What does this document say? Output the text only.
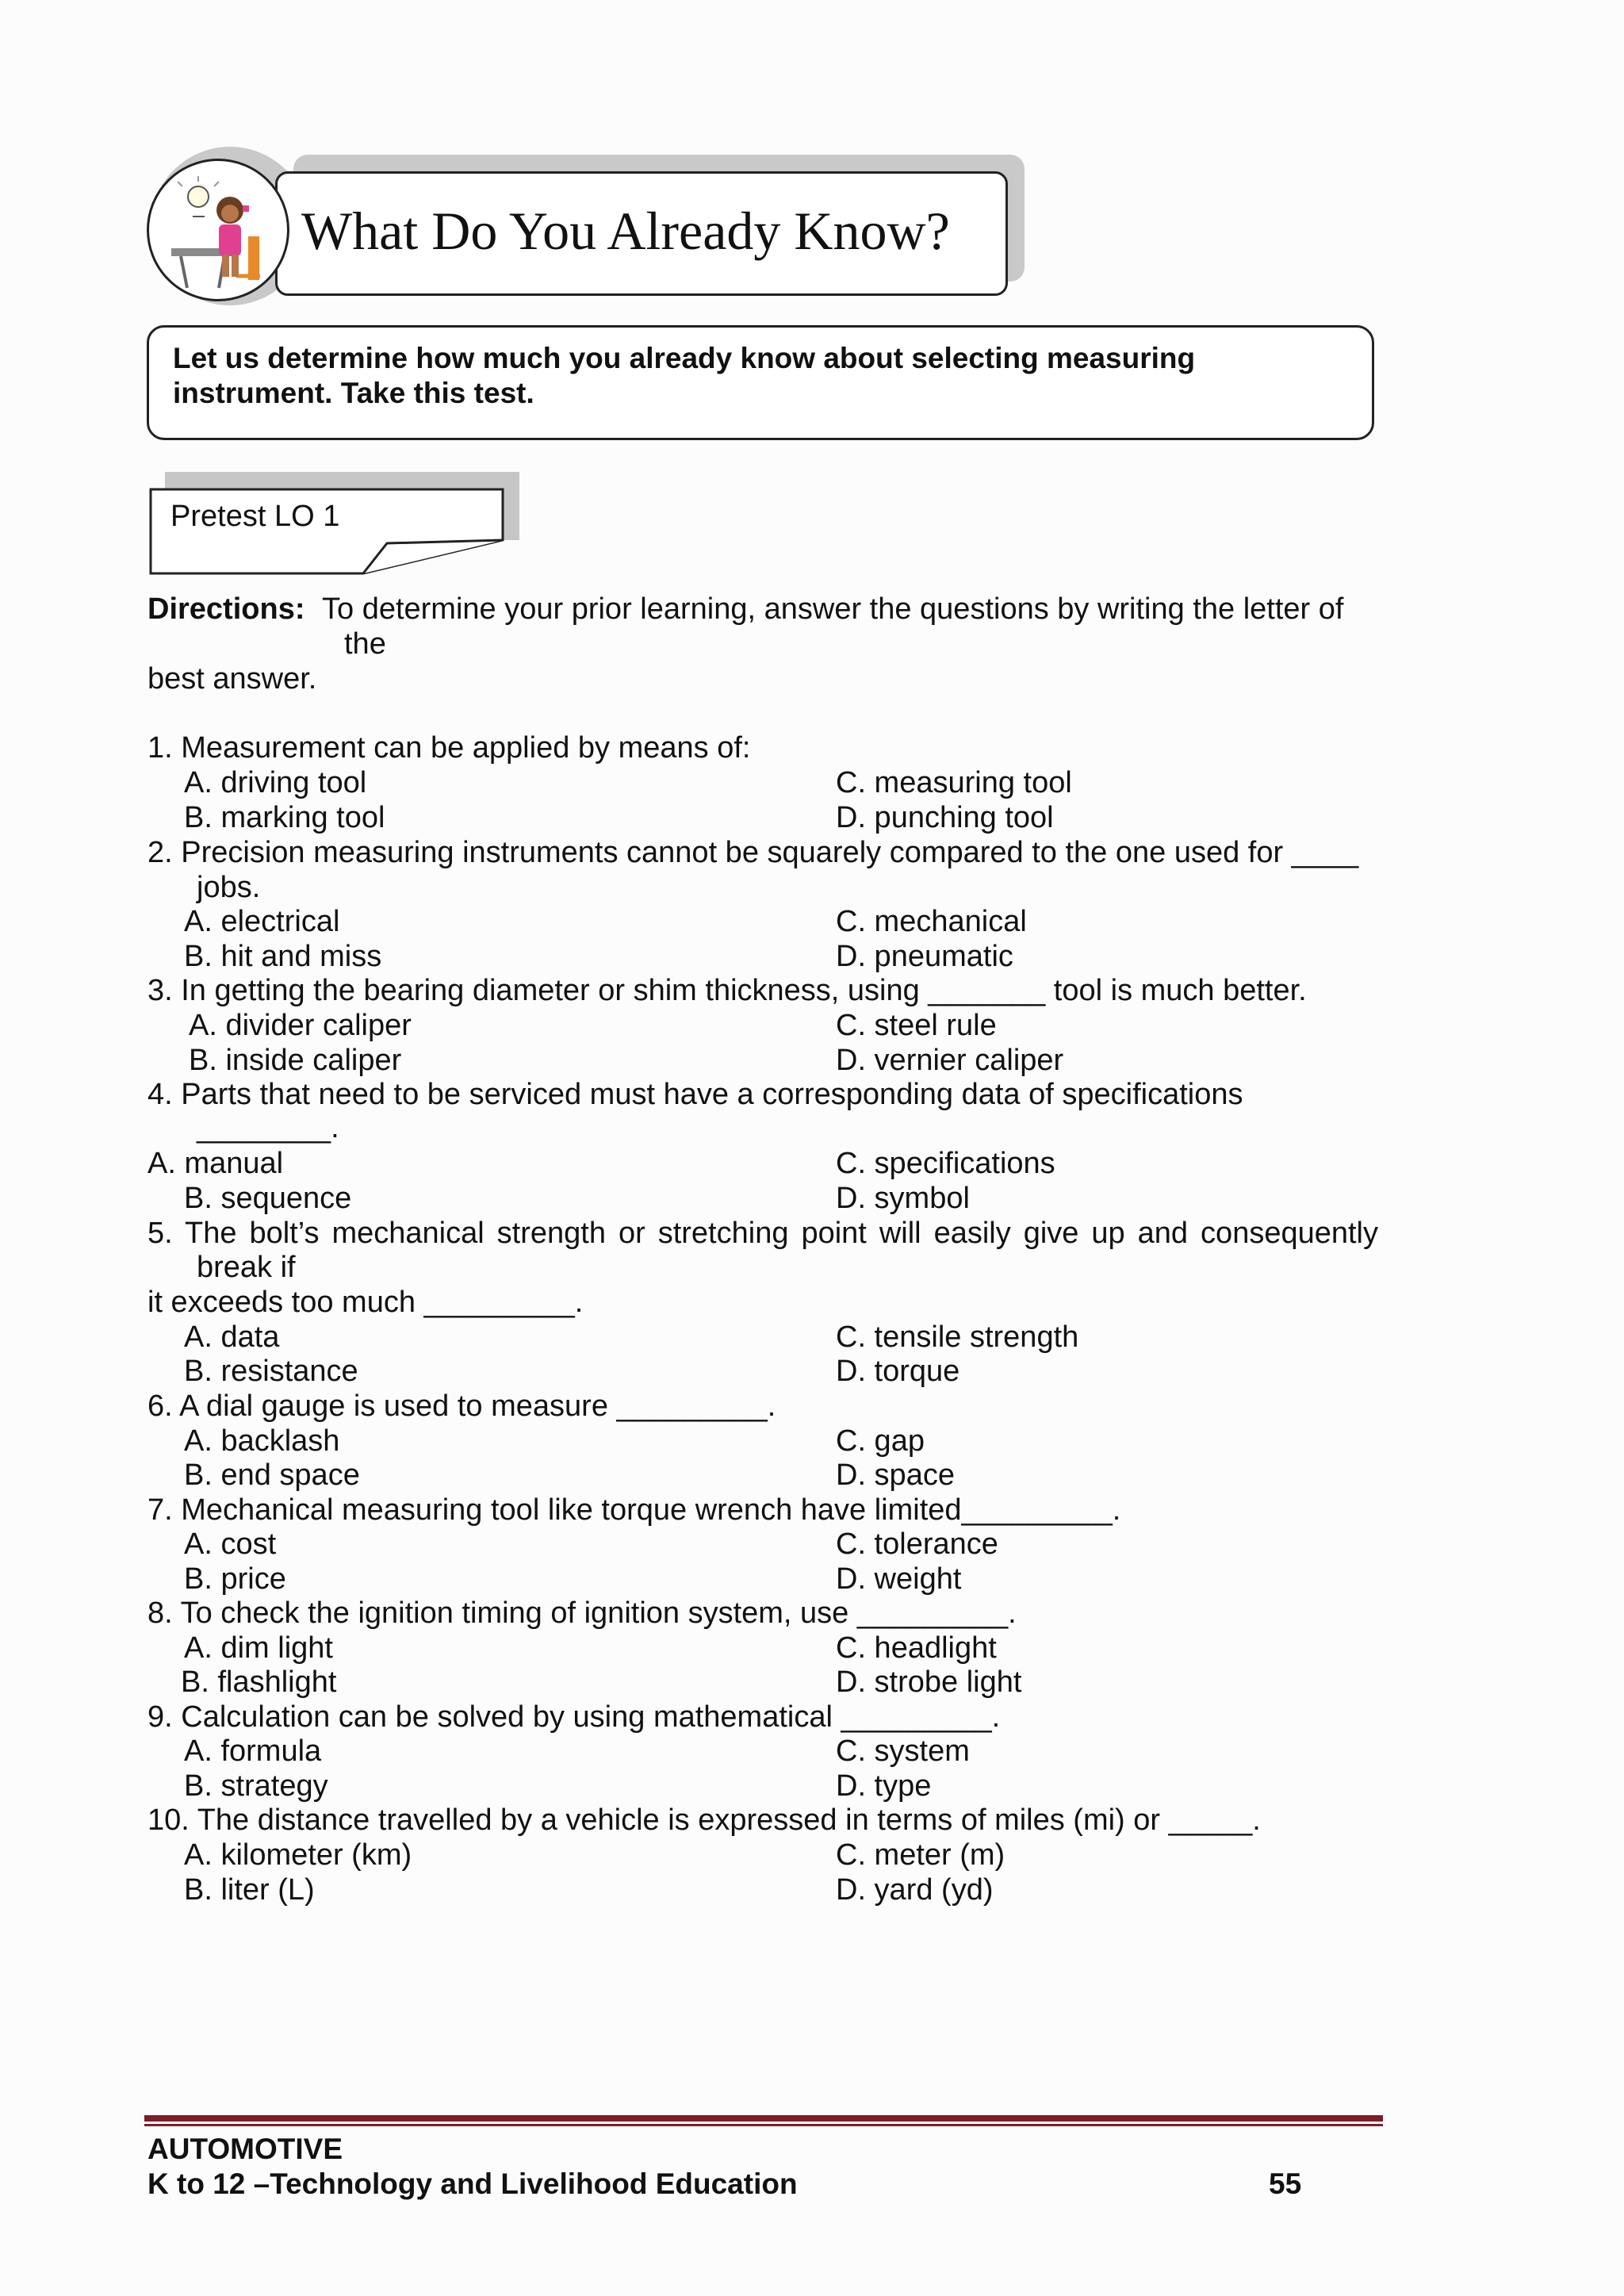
What Do You Already Know?
Let us determine how much you already know about selecting measuring
instrument. Take this test.
Pretest LO 1
Directions: To determine your prior learning, answer the questions by writing the letter of
the
best answer.
1. Measurement can be applied by means of:
A. driving tool	C. measuring tool
B. marking tool	D. punching tool
2. Precision measuring instruments cannot be squarely compared to the one used for ____
jobs.
A. electrical	C. mechanical
B. hit and miss	D. pneumatic
3. In getting the bearing diameter or shim thickness, using _______ tool is much better.
A. divider caliper	C. steel rule
B. inside caliper	D. vernier caliper
4. Parts that need to be serviced must have a corresponding data of specifications
________.
A. manual	C. specifications
B. sequence	D. symbol
5. The bolt’s mechanical strength or stretching point will easily give up and consequently
break if
it exceeds too much _________.
A. data	C. tensile strength
B. resistance	D. torque
6. A dial gauge is used to measure _________.
A. backlash	C. gap
B. end space	D. space
7. Mechanical measuring tool like torque wrench have limited_________.
A. cost	C. tolerance
B. price	D. weight
8. To check the ignition timing of ignition system, use _________.
A. dim light	C. headlight
B. flashlight	D. strobe light
9. Calculation can be solved by using mathematical _________.
A. formula	C. system
B. strategy	D. type
10. The distance travelled by a vehicle is expressed in terms of miles (mi) or _____.
A. kilometer (km)	C. meter (m)
B. liter (L)	D. yard (yd)
AUTOMOTIVE
K to 12 –Technology and Livelihood Education	55
